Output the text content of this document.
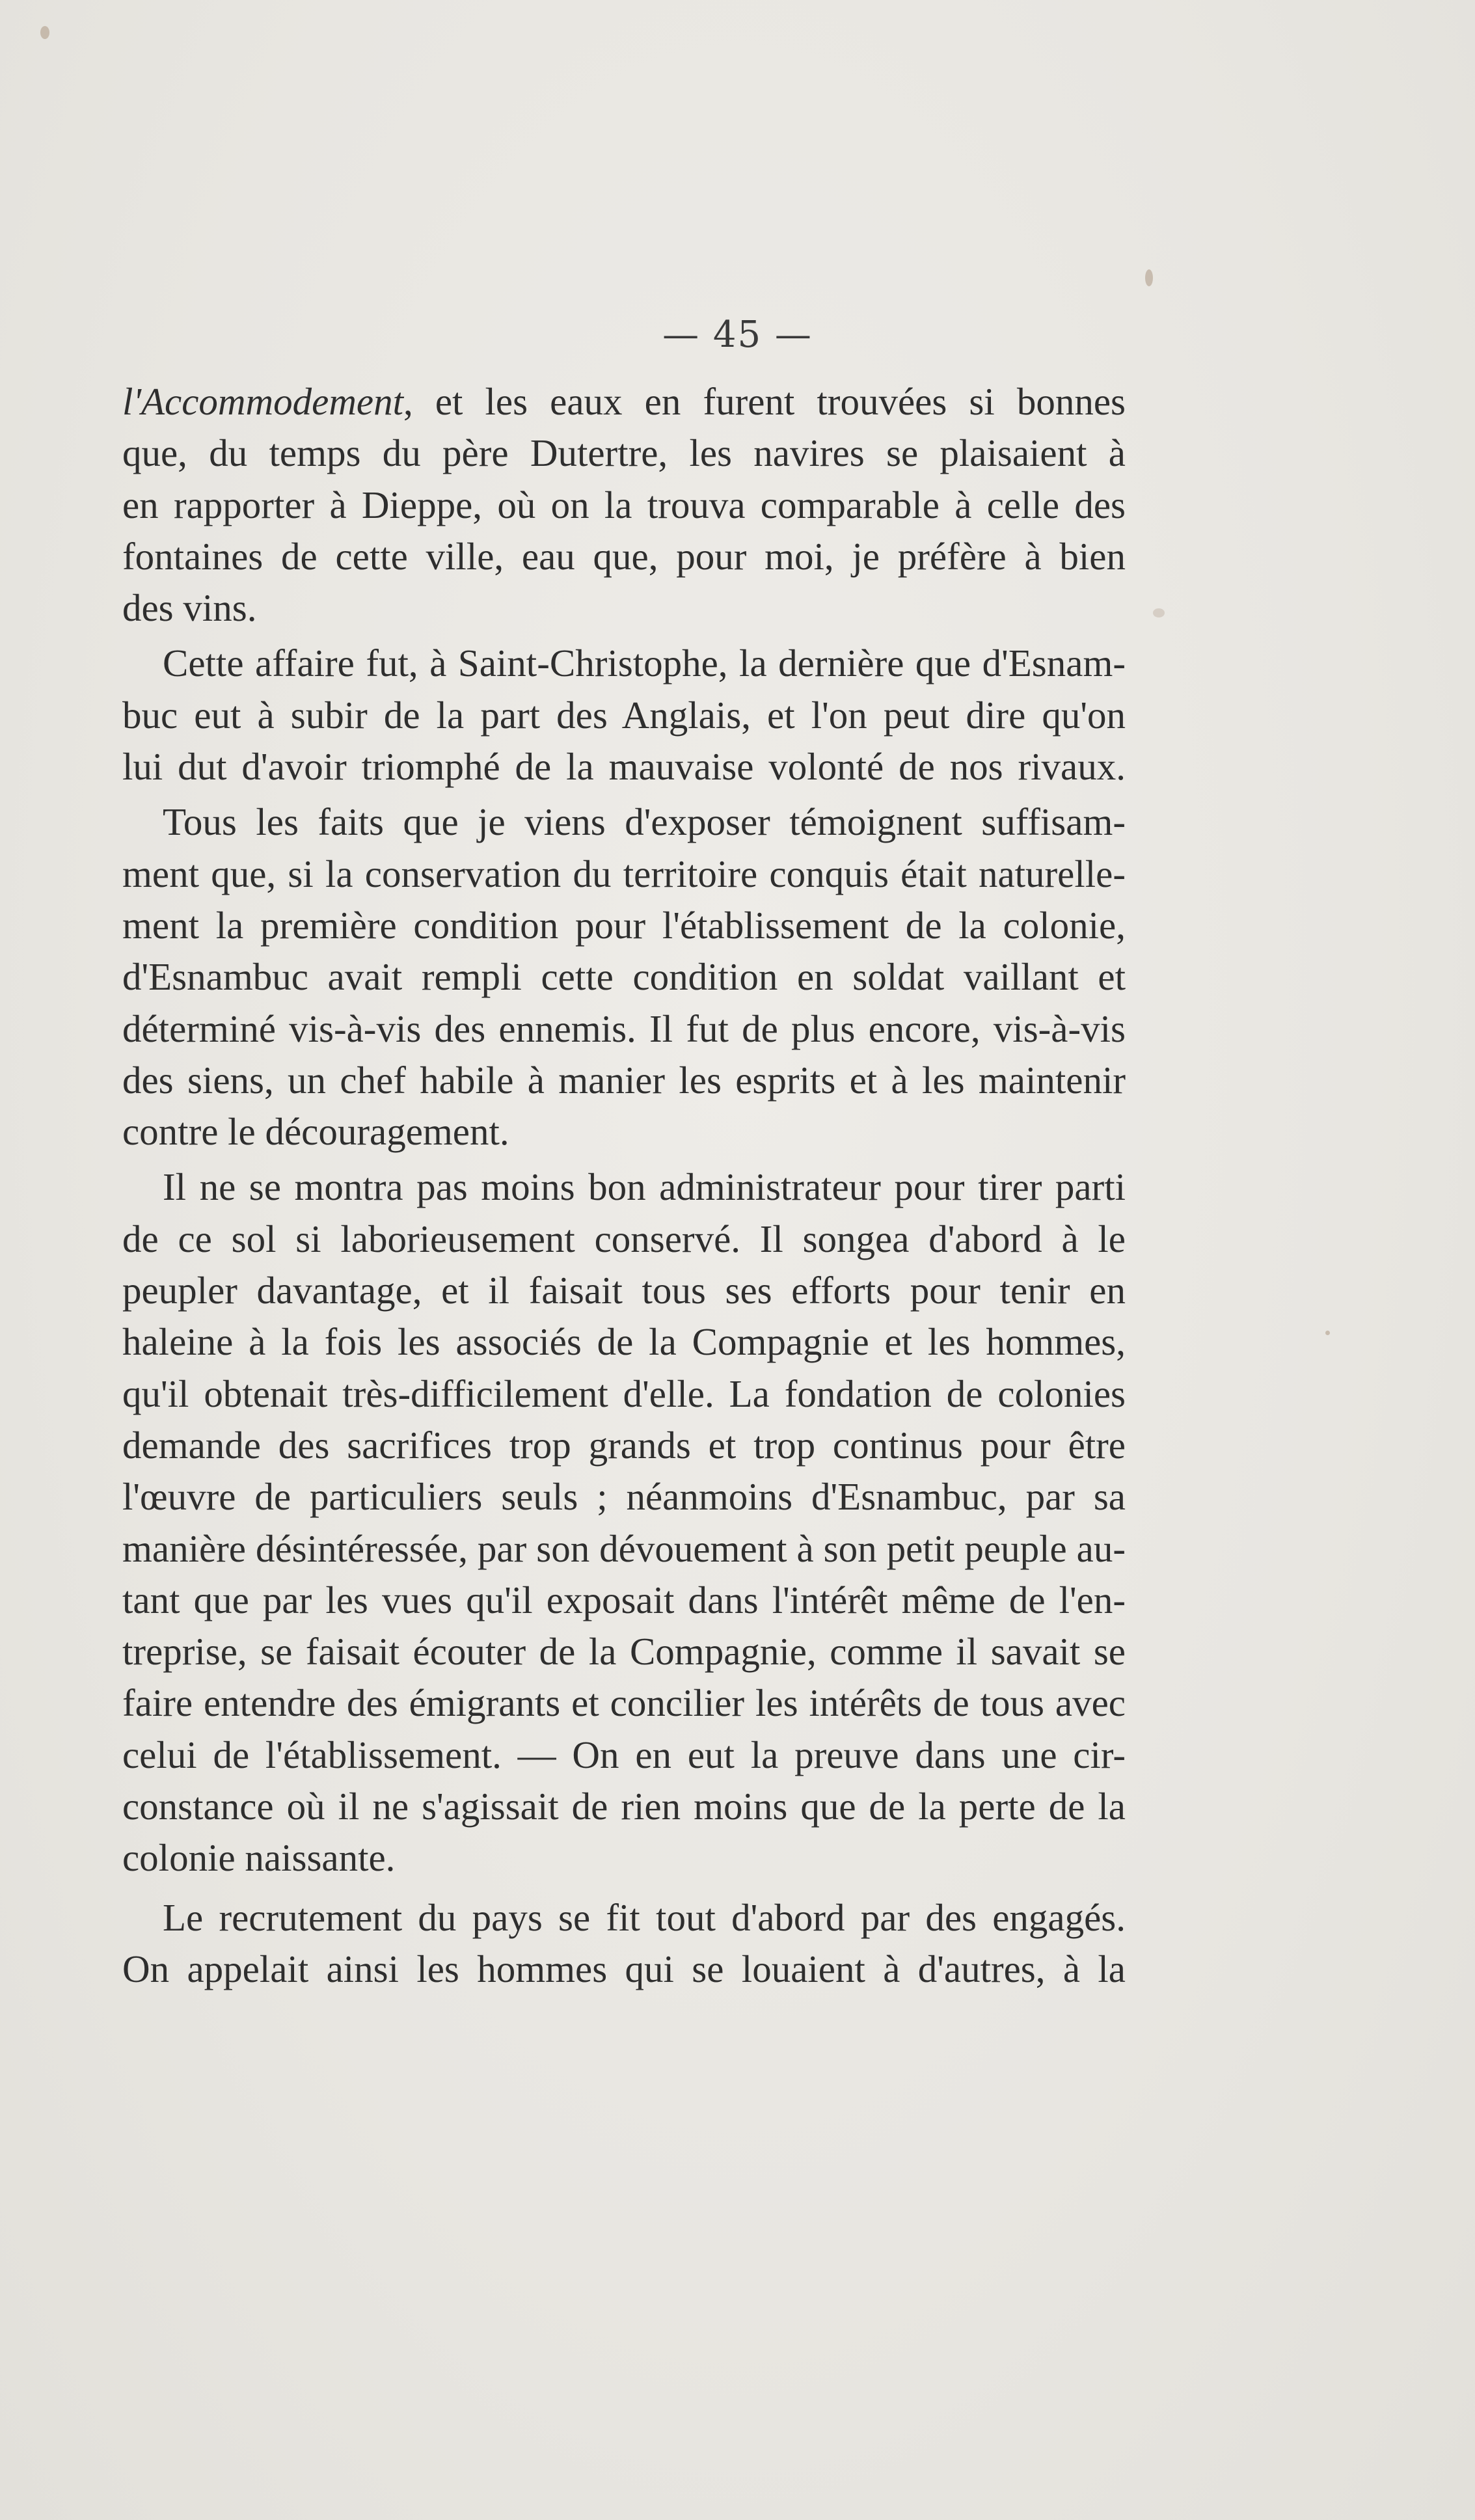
— 45 —
l'Accommodement, et les eaux en furent trouvées si bonnes
que, du temps du père Dutertre, les navires se plaisaient à
en rapporter à Dieppe, où on la trouva comparable à celle des
fontaines de cette ville, eau que, pour moi, je préfère à bien
des vins.
Cette affaire fut, à Saint-Christophe, la dernière que d'Esnam-
buc eut à subir de la part des Anglais, et l'on peut dire qu'on
lui dut d'avoir triomphé de la mauvaise volonté de nos rivaux.
Tous les faits que je viens d'exposer témoignent suffisam-
ment que, si la conservation du territoire conquis était naturelle-
ment la première condition pour l'établissement de la colonie,
d'Esnambuc avait rempli cette condition en soldat vaillant et
déterminé vis-à-vis des ennemis. Il fut de plus encore, vis-à-vis
des siens, un chef habile à manier les esprits et à les maintenir
contre le découragement.
Il ne se montra pas moins bon administrateur pour tirer parti
de ce sol si laborieusement conservé. Il songea d'abord à le
peupler davantage, et il faisait tous ses efforts pour tenir en
haleine à la fois les associés de la Compagnie et les hommes,
qu'il obtenait très-difficilement d'elle. La fondation de colonies
demande des sacrifices trop grands et trop continus pour être
l'œuvre de particuliers seuls ; néanmoins d'Esnambuc, par sa
manière désintéressée, par son dévouement à son petit peuple au-
tant que par les vues qu'il exposait dans l'intérêt même de l'en-
treprise, se faisait écouter de la Compagnie, comme il savait se
faire entendre des émigrants et concilier les intérêts de tous avec
celui de l'établissement. — On en eut la preuve dans une cir-
constance où il ne s'agissait de rien moins que de la perte de la
colonie naissante.
Le recrutement du pays se fit tout d'abord par des engagés.
On appelait ainsi les hommes qui se louaient à d'autres, à la
